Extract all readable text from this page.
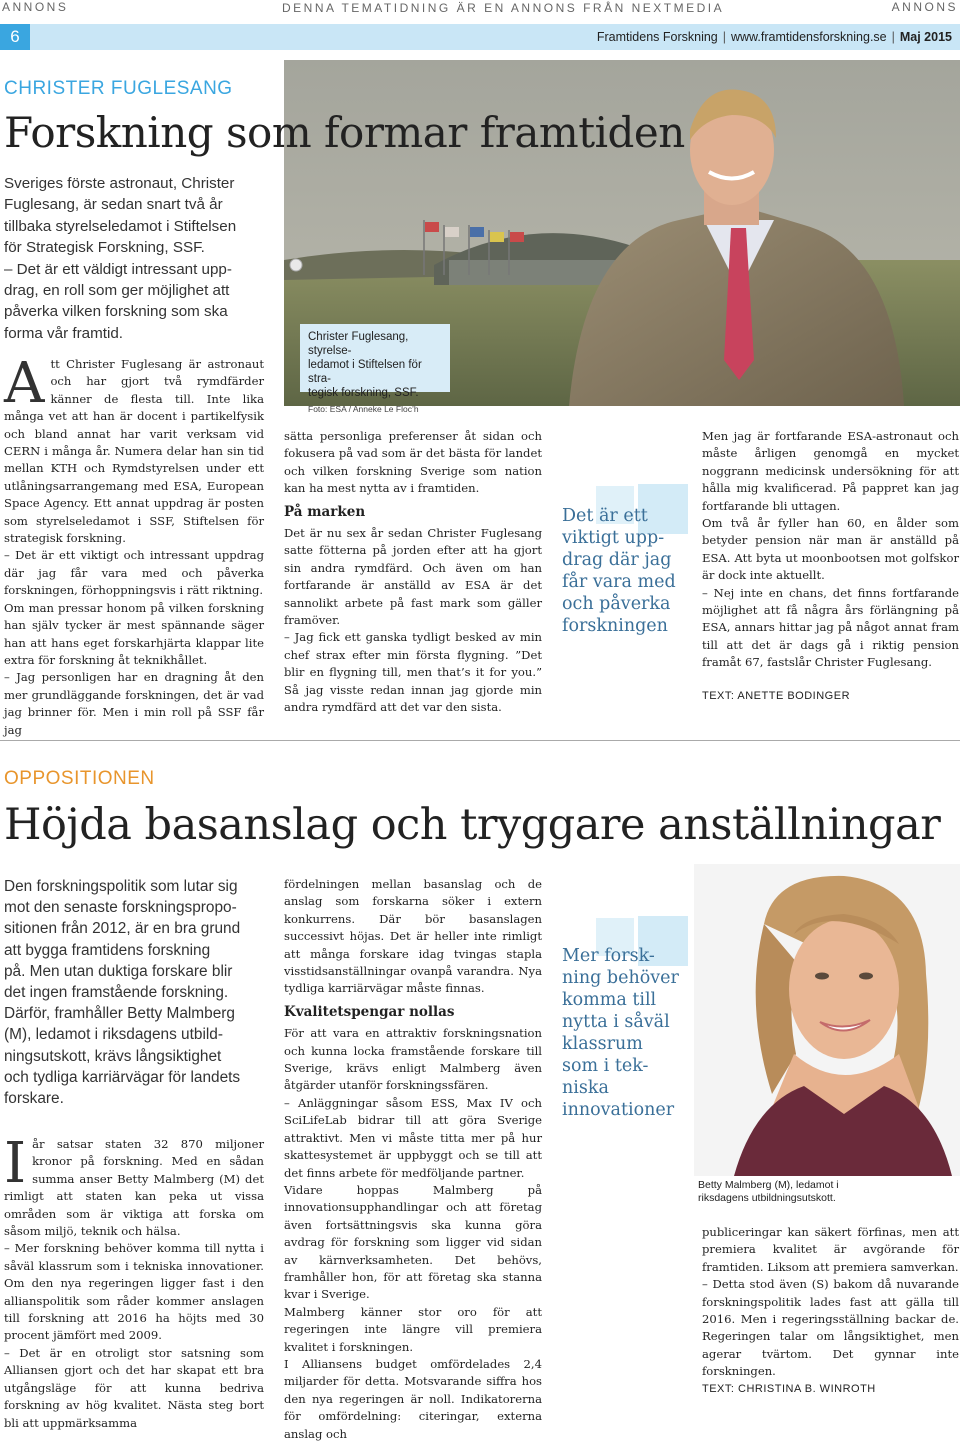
ANNONS	DENNA TEMATIDNING ÄR EN ANNONS FRÅN NEXTMEDIA	ANNONS
6	Framtidens Forskning | www.framtidensforskning.se | Maj 2015
CHRISTER FUGLESANG
Forskning som formar framtiden
Sveriges förste astronaut, Christer
Fuglesang, är sedan snart två år
tillbaka styrelseledamot i Stiftelsen
för Strategisk Forskning, SSF.
– Det är ett väldigt intressant upp-
drag, en roll som ger möjlighet att
påverka vilken forskning som ska
forma vår framtid.

Att Christer Fuglesang är astronaut och har gjort två rymdfärder känner de flesta till. Inte lika många vet att han är docent i partikelfysik och bland annat har varit verksam vid CERN i många år. Numera delar han sin tid mellan KTH och Rymdstyrelsen under ett utlåningsarrangemang med ESA, European Space Agency. Ett annat uppdrag är posten som styrelseledamot i SSF, Stiftelsen för strategisk forskning.

– Det är ett viktigt och intressant uppdrag där jag får vara med och påverka forskningen, förhoppningsvis i rätt riktning.

Om man pressar honom på vilken forskning han själv tycker är mest spännande säger han att hans eget forskarhjärta klappar lite extra för forskning åt teknikhållet.

– Jag personligen har en dragning åt den mer grundläggande forskningen, det är vad jag brinner för. Men i min roll på SSF får jag

Christer Fuglesang, styrelse-
ledamot i Stiftelsen för stra-
tegisk forskning, SSF.
Foto: ESA / Anneke Le Floc’h

sätta personliga preferenser åt sidan och fokusera på vad som är det bästa för landet och vilken forskning Sverige som nation kan ha mest nytta av i framtiden.

På marken

Det är nu sex år sedan Christer Fuglesang satte fötterna på jorden efter att ha gjort sin andra rymdfärd. Och även om han fortfarande är anställd av ESA är det sannolikt arbete på fast mark som gäller framöver.

– Jag fick ett ganska tydligt besked av min chef strax efter min första flygning. ”Det blir en flygning till, men that’s it for you.” Så jag visste redan innan jag gjorde min andra rymdfärd att det var den sista.

Det är ett
viktigt upp-
drag där jag
får vara med
och påverka
forskningen

Men jag är fortfarande ESA-astronaut och måste årligen genomgå en mycket noggrann medicinsk undersökning för att hålla mig kvalificerad. På pappret kan jag fortfarande bli uttagen.

Om två år fyller han 60, en ålder som betyder pension när man är anställd på ESA. Att byta ut moonbootsen mot golfskor är dock inte aktuellt.

– Nej inte en chans, det finns fortfarande möjlighet att få några års förlängning på ESA, annars hittar jag på något annat fram till att det är dags gå i riktig pension framåt 67, fastslår Christer Fuglesang.

TEXT: ANETTE BODINGER
OPPOSITIONEN
Höjda basanslag och tryggare anställningar
Den forskningspolitik som lutar sig
mot den senaste forskningspropo-
sitionen från 2012, är en bra grund
att bygga framtidens forskning
på. Men utan duktiga forskare blir
det ingen framstående forskning.
Därför, framhåller Betty Malmberg
(M), ledamot i riksdagens utbild-
ningsutskott, krävs långsiktighet
och tydliga karriärvägar för landets
forskare.

Iår satsar staten 32 870 miljoner kronor på forskning. Med en sådan summa anser Betty Malmberg (M) det rimligt att staten kan peka ut vissa områden som är viktiga att forska om såsom miljö, teknik och hälsa.

– Mer forskning behöver komma till nytta i såväl klassrum som i tekniska innovationer. Om den nya regeringen ligger fast i den allianspolitik som råder kommer anslagen till forskning att 2016 ha höjts med 30 procent jämfört med 2009.

– Det är en otroligt stor satsning som Alliansen gjort och det har skapat ett bra utgångsläge för att kunna bedriva forskning av hög kvalitet. Nästa steg bort bli att uppmärksamma

fördelningen mellan basanslag och de anslag som forskarna söker i extern konkurrens. Där bör basanslagen successivt höjas. Det är heller inte rimligt att många forskare idag tvingas stapla visstidsanställningar ovanpå varandra. Nya tydliga karriärvägar måste finnas.

Kvalitetspengar nollas

För att vara en attraktiv forskningsnation och kunna locka framstående forskare till Sverige, krävs enligt Malmberg även åtgärder utanför forskningssfären.

– Anläggningar såsom ESS, Max IV och SciLifeLab bidrar till att göra Sverige attraktivt. Men vi måste titta mer på hur skattesystemet är uppbyggt och se till att det finns arbete för medföljande partner.

Vidare hoppas Malmberg på innovationsupphandlingar och att företag även fortsättningsvis ska kunna göra avdrag för forskning som ligger vid sidan av kärnverksamheten. Det behövs, framhåller hon, för att företag ska stanna kvar i Sverige.

Malmberg känner stor oro för att regeringen inte längre vill premiera kvalitet i forskningen.

I Alliansens budget omfördelades 2,4 miljarder för detta. Motsvarande siffra hos den nya regeringen är noll. Indikatorerna för omfördelning: citeringar, externa anslag och

Mer forsk-
ning behöver
komma till
nytta i såväl
klassrum
som i tek-
niska
innovationer
Betty Malmberg (M), ledamot i
riksdagens utbildningsutskott.

publiceringar kan säkert förfinas, men att premiera kvalitet är avgörande för framtiden. Liksom att premiera samverkan.

– Detta stod även (S) bakom då nuvarande forskningspolitik lades fast att gälla till 2016. Men i regeringsställning backar de. Regeringen talar om långsiktighet, men agerar tvärtom. Det gynnar inte forskningen.

TEXT: CHRISTINA B. WINROTH
